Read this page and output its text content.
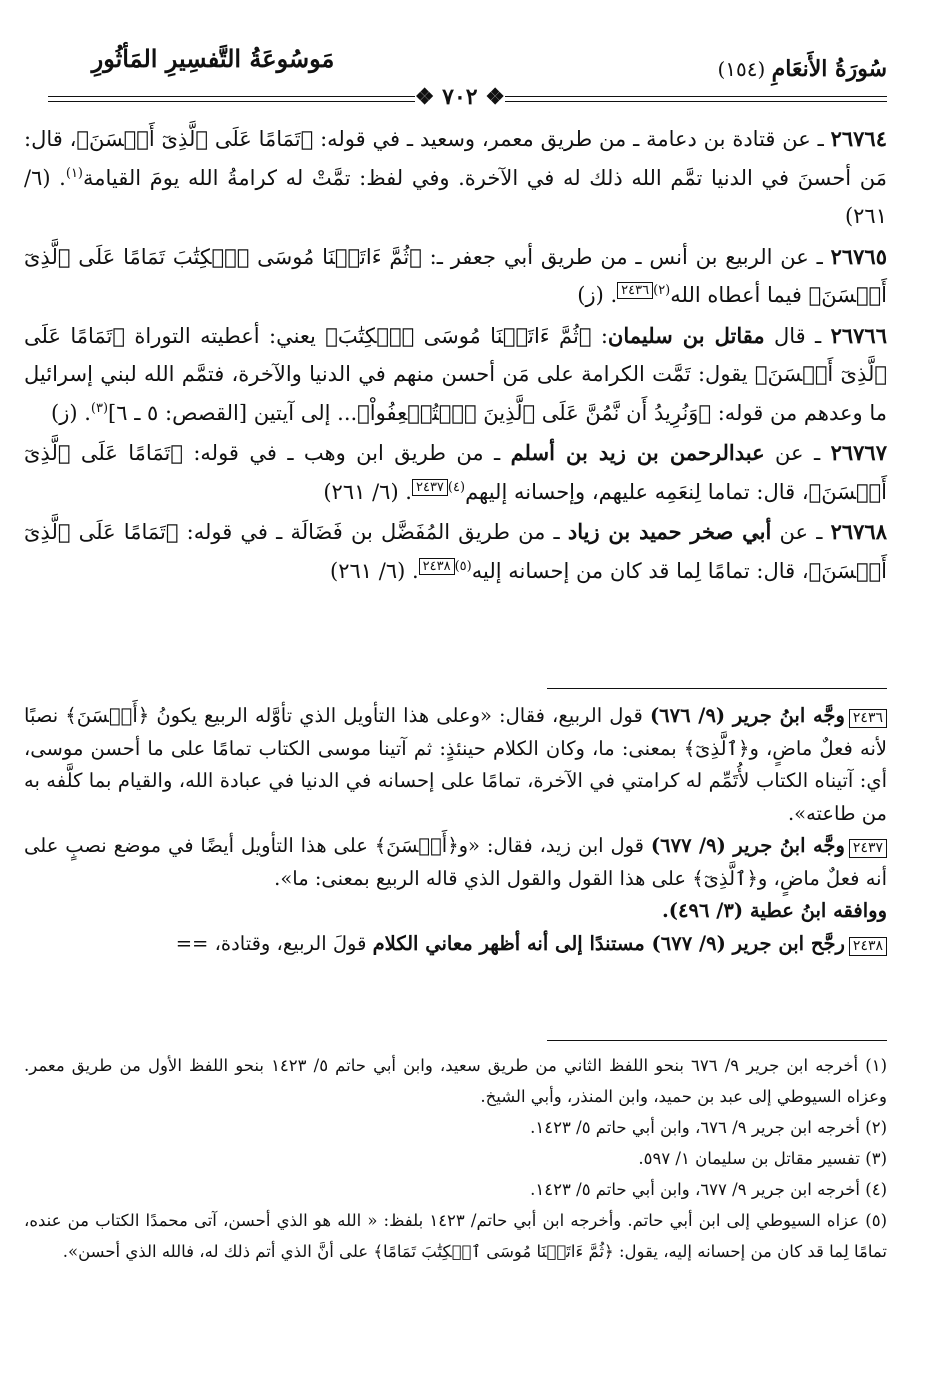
مَوسُوعَةُ التَّفسِيرِ المَأثُورِ	سُورَةُ الأَنعَامِ (١٥٤)
❖ ٧٠٢ ❖

٢٦٧٦٤ ـ عن قتادة بن دعامة ـ من طريق معمر، وسعيد ـ في قوله: ﴿تَمَامًا عَلَى ٱلَّذِىٓ أَحۡسَنَ﴾، قال: مَن أحسنَ في الدنيا تمَّم الله ذلك له في الآخرة. وفي لفظ: تمَّتْ له كرامةُ الله يومَ القيامة$^{(١)}$. (٦/ ٢٦١)

٢٦٧٦٥ ـ عن الربيع بن أنس ـ من طريق أبي جعفر ـ: ﴿ثُمَّ ءَاتَيۡنَا مُوسَى ٱلۡكِتَٰبَ تَمَامًا عَلَى ٱلَّذِىٓ أَحۡسَنَ﴾ فيما أعطاه الله$^{(٢)}$٢٤٣٦. (ز)

٢٦٧٦٦ ـ قال مقاتل بن سليمان: ﴿ثُمَّ ءَاتَيۡنَا مُوسَى ٱلۡكِتَٰبَ﴾ يعني: أعطيته التوراة ﴿تَمَامًا عَلَى ٱلَّذِىٓ أَحۡسَنَ﴾ يقول: تَمَّت الكرامة على مَن أحسن منهم في الدنيا والآخرة، فتمَّم الله لبني إسرائيل ما وعدهم من قوله: ﴿وَنُرِيدُ أَن نَّمُنَّ عَلَى ٱلَّذِينَ ٱسۡتُضۡعِفُواْ﴾... إلى آيتين [القصص: ٥ ـ ٦]$^{(٣)}$. (ز)

٢٦٧٦٧ ـ عن عبدالرحمن بن زيد بن أسلم ـ من طريق ابن وهب ـ في قوله: ﴿تَمَامًا عَلَى ٱلَّذِىٓ أَحۡسَنَ﴾، قال: تماما لِنعَمِه عليهم، وإحسانه إليهم$^{(٤)}$٢٤٣٧. (٦/ ٢٦١)

٢٦٧٦٨ ـ عن أبي صخر حميد بن زياد ـ من طريق المُفَضَّل بن فَضَالَة ـ في قوله: ﴿تَمَامًا عَلَى ٱلَّذِىٓ أَحۡسَنَ﴾، قال: تمامًا لِما قد كان من إحسانه إليه$^{(٥)}$٢٤٣٨. (٦/ ٢٦١)

٢٤٣٦وجَّه ابنُ جرير (٩/ ٦٧٦) قول الربيع، فقال: «وعلى هذا التأويل الذي تأوَّله الربيع يكونُ ﴿أَحۡسَنَ﴾ نصبًا لأنه فعلٌ ماضٍ، و﴿ٱلَّذِىٓ﴾ بمعنى: ما، وكان الكلام حينئذٍ: ثم آتينا موسى الكتاب تمامًا على ما أحسن موسى، أي: آتيناه الكتاب لأُتَمِّم له كرامتي في الآخرة، تمامًا على إحسانه في الدنيا في عبادة الله، والقيام بما كلَّفه به من طاعته».

٢٤٣٧وجَّه ابنُ جرير (٩/ ٦٧٧) قول ابن زيد، فقال: «و﴿أَحۡسَنَ﴾ على هذا التأويل أيضًا في موضع نصبٍ على أنه فعلٌ ماضٍ، و﴿ٱلَّذِىٓ﴾ على هذا القول والقول الذي قاله الربيع بمعنى: ما».

ووافقه ابنُ عطية (٣/ ٤٩٦).

٢٤٣٨رجَّح ابن جرير (٩/ ٦٧٧) مستندًا إلى أنه أظهر معاني الكلام قولَ الربيع، وقتادة، ==

(١) أخرجه ابن جرير ٩/ ٦٧٦ بنحو اللفظ الثاني من طريق سعيد، وابن أبي حاتم ٥/ ١٤٢٣ بنحو اللفظ الأول من طريق معمر. وعزاه السيوطي إلى عبد بن حميد، وابن المنذر، وأبي الشيخ.

(٢) أخرجه ابن جرير ٩/ ٦٧٦، وابن أبي حاتم ٥/ ١٤٢٣.

(٣) تفسير مقاتل بن سليمان ١/ ٥٩٧.

(٤) أخرجه ابن جرير ٩/ ٦٧٧، وابن أبي حاتم ٥/ ١٤٢٣.

(٥) عزاه السيوطي إلى ابن أبي حاتم. وأخرجه ابن أبي حاتم/ ١٤٢٣ بلفظ: « الله هو الذي أحسن، آتى محمدًا الكتاب من عنده، تمامًا لِما قد كان من إحسانه إليه، يقول: ﴿ثُمَّ ءَاتَيۡنَا مُوسَى ٱلۡكِتَٰبَ تَمَامًا﴾ على أنَّ الذي أتم ذلك له، فالله الذي أحسن».
